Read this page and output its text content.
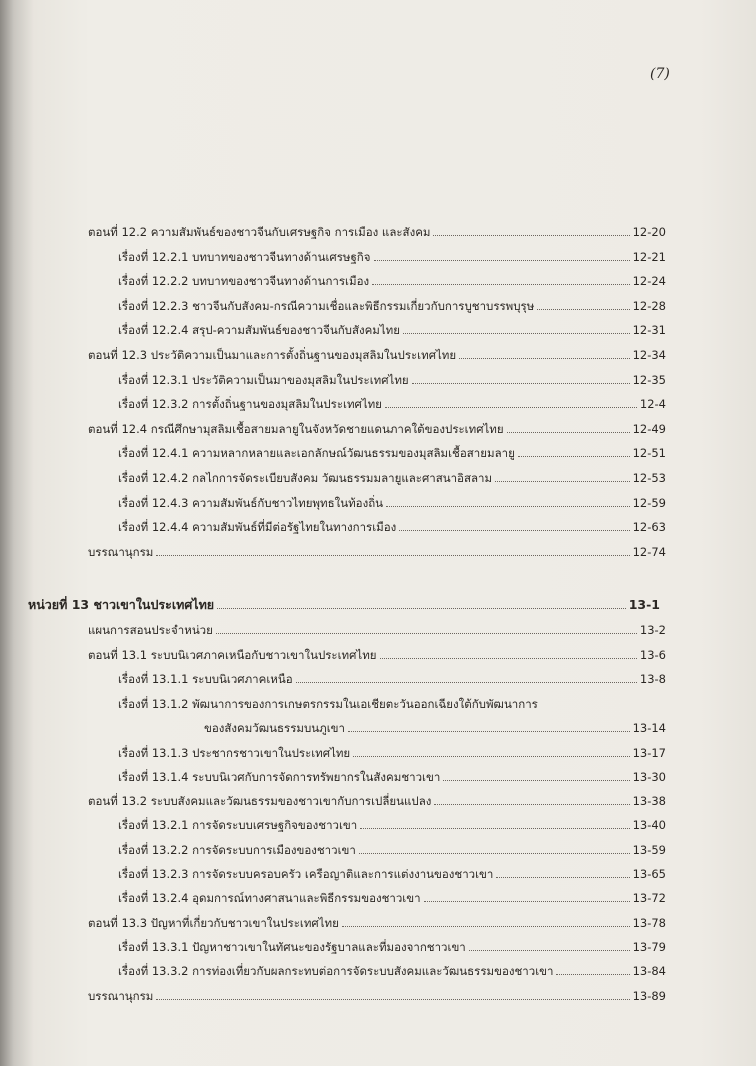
(7)
ตอนที่ 12.2 ความสัมพันธ์ของชาวจีนกับเศรษฐกิจ การเมือง และสังคม	12-20
เรื่องที่ 12.2.1 บทบาทของชาวจีนทางด้านเศรษฐกิจ	12-21
เรื่องที่ 12.2.2 บทบาทของชาวจีนทางด้านการเมือง	12-24
เรื่องที่ 12.2.3 ชาวจีนกับสังคม-กรณีความเชื่อและพิธีกรรมเกี่ยวกับการบูชาบรรพบุรุษ	12-28
เรื่องที่ 12.2.4 สรุป-ความสัมพันธ์ของชาวจีนกับสังคมไทย	12-31
ตอนที่ 12.3 ประวัติความเป็นมาและการตั้งถิ่นฐานของมุสลิมในประเทศไทย	12-34
เรื่องที่ 12.3.1 ประวัติความเป็นมาของมุสลิมในประเทศไทย	12-35
เรื่องที่ 12.3.2 การตั้งถิ่นฐานของมุสลิมในประเทศไทย	12-4
ตอนที่ 12.4 กรณีศึกษามุสลิมเชื้อสายมลายูในจังหวัดชายแดนภาคใต้ของประเทศไทย	12-49
เรื่องที่ 12.4.1 ความหลากหลายและเอกลักษณ์วัฒนธรรมของมุสลิมเชื้อสายมลายู	12-51
เรื่องที่ 12.4.2 กลไกการจัดระเบียบสังคม วัฒนธรรมมลายูและศาสนาอิสลาม	12-53
เรื่องที่ 12.4.3 ความสัมพันธ์กับชาวไทยพุทธในท้องถิ่น	12-59
เรื่องที่ 12.4.4 ความสัมพันธ์ที่มีต่อรัฐไทยในทางการเมือง	12-63
บรรณานุกรม	12-74
หน่วยที่ 13 ชาวเขาในประเทศไทย	13-1
แผนการสอนประจำหน่วย	13-2
ตอนที่ 13.1 ระบบนิเวศภาคเหนือกับชาวเขาในประเทศไทย	13-6
เรื่องที่ 13.1.1 ระบบนิเวศภาคเหนือ	13-8
เรื่องที่ 13.1.2 พัฒนาการของการเกษตรกรรมในเอเชียตะวันออกเฉียงใต้กับพัฒนาการ
ของสังคมวัฒนธรรมบนภูเขา	13-14
เรื่องที่ 13.1.3 ประชากรชาวเขาในประเทศไทย	13-17
เรื่องที่ 13.1.4 ระบบนิเวศกับการจัดการทรัพยากรในสังคมชาวเขา	13-30
ตอนที่ 13.2 ระบบสังคมและวัฒนธรรมของชาวเขากับการเปลี่ยนแปลง	13-38
เรื่องที่ 13.2.1 การจัดระบบเศรษฐกิจของชาวเขา	13-40
เรื่องที่ 13.2.2 การจัดระบบการเมืองของชาวเขา	13-59
เรื่องที่ 13.2.3 การจัดระบบครอบครัว เครือญาติและการแต่งงานของชาวเขา	13-65
เรื่องที่ 13.2.4 อุดมการณ์ทางศาสนาและพิธีกรรมของชาวเขา	13-72
ตอนที่ 13.3 ปัญหาที่เกี่ยวกับชาวเขาในประเทศไทย	13-78
เรื่องที่ 13.3.1 ปัญหาชาวเขาในทัศนะของรัฐบาลและที่มองจากชาวเขา	13-79
เรื่องที่ 13.3.2 การท่องเที่ยวกับผลกระทบต่อการจัดระบบสังคมและวัฒนธรรมของชาวเขา	13-84
บรรณานุกรม	13-89
